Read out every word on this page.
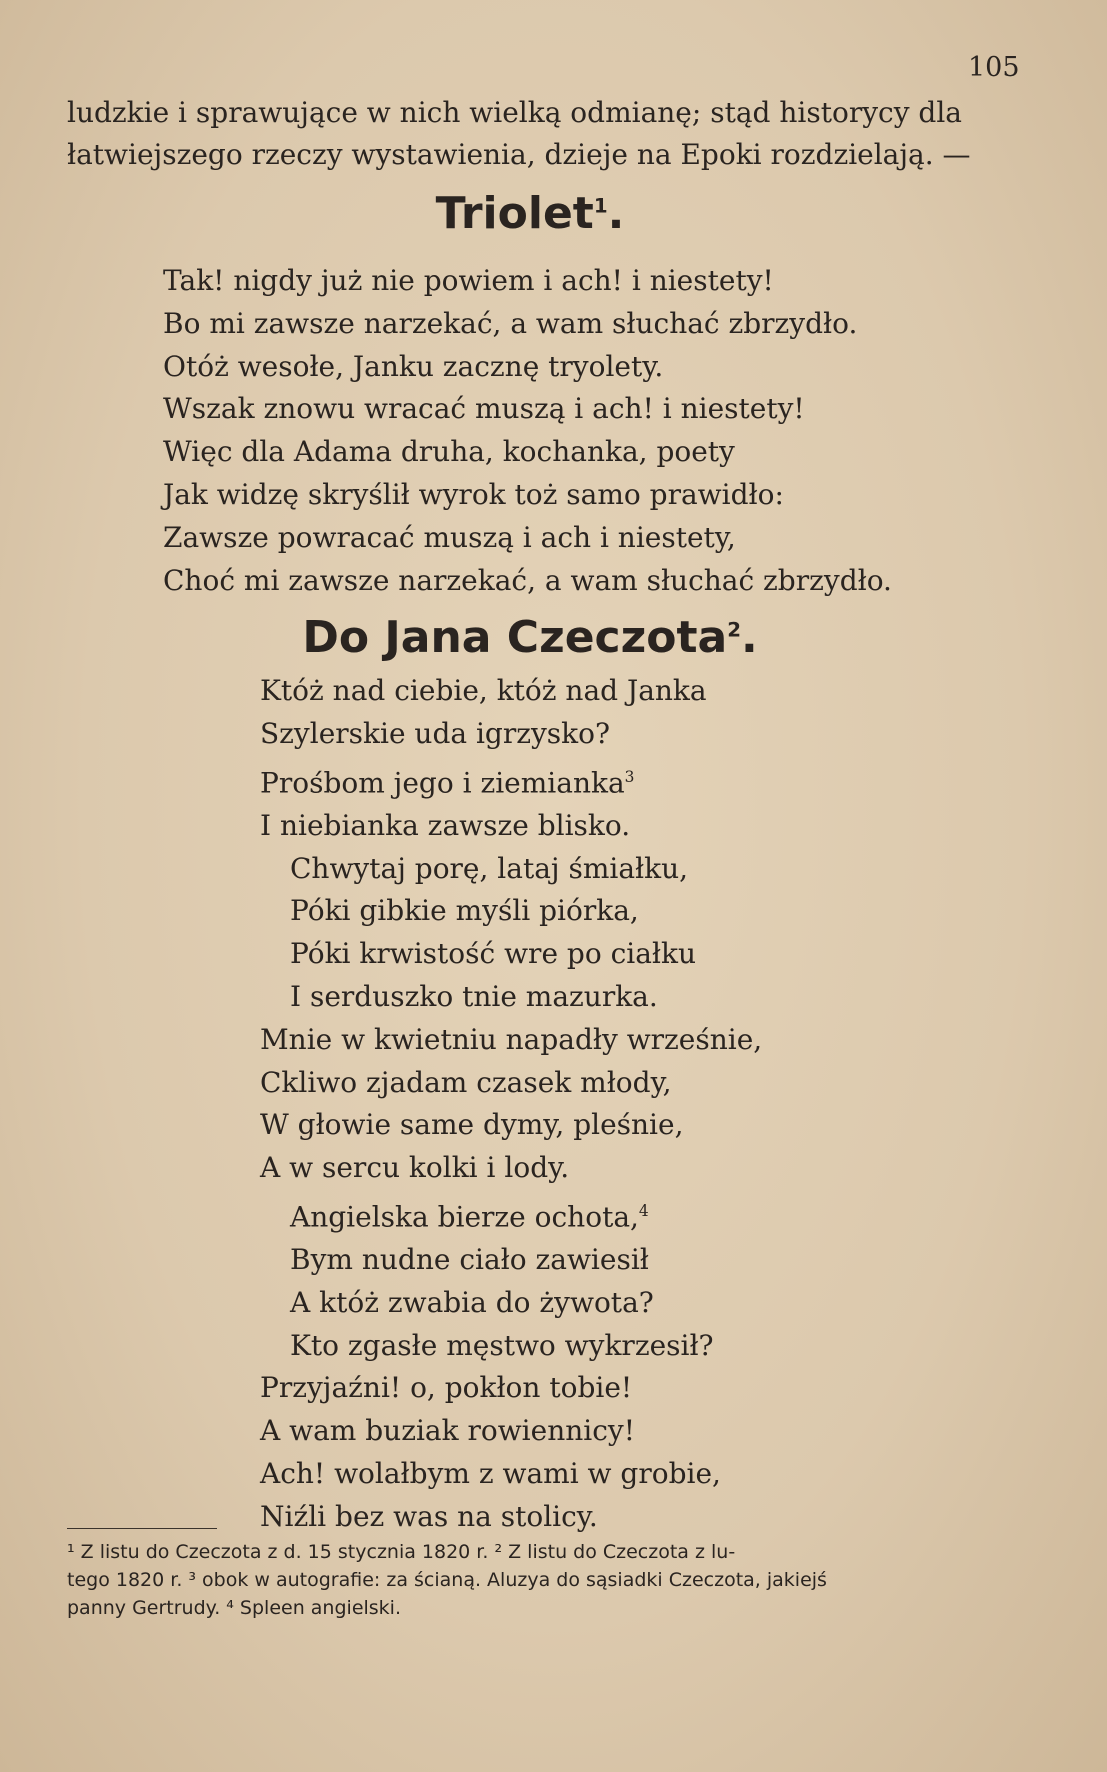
105
ludzkie i sprawujące w nich wielką odmianę; stąd historycy dla
łatwiejszego rzeczy wystawienia, dzieje na Epoki rozdzielają. —
Triolet$^1$.
Tak! nigdy już nie powiem i ach! i niestety!
Bo mi zawsze narzekać, a wam słuchać zbrzydło.
Otóż wesołe, Janku zacznę tryolety.
Wszak znowu wracać muszą i ach! i niestety!
Więc dla Adama druha, kochanka, poety
Jak widzę skryślił wyrok toż samo prawidło:
Zawsze powracać muszą i ach i niestety,
Choć mi zawsze narzekać, a wam słuchać zbrzydło.
Do Jana Czeczota$^2$.
Któż nad ciebie, któż nad Janka
Szylerskie uda igrzysko?
Prośbom jego i ziemianka$^3$
I niebianka zawsze blisko.
Chwytaj porę, lataj śmiałku,
Póki gibkie myśli piórka,
Póki krwistość wre po ciałku
I serduszko tnie mazurka.
Mnie w kwietniu napadły wrześnie,
Ckliwo zjadam czasek młody,
W głowie same dymy, pleśnie,
A w sercu kolki i lody.
Angielska bierze ochota,$^4$
Bym nudne ciało zawiesił
A któż zwabia do żywota?
Kto zgasłe męstwo wykrzesił?
Przyjaźni! o, pokłon tobie!
A wam buziak rowiennicy!
Ach! wolałbym z wami w grobie,
Niźli bez was na stolicy.
¹ Z listu do Czeczota z d. 15 stycznia 1820 r. ² Z listu do Czeczota z lu-
tego 1820 r. ³ obok w autografie: za ścianą. Aluzya do sąsiadki Czeczota, jakiejś
panny Gertrudy. ⁴ Spleen angielski.
